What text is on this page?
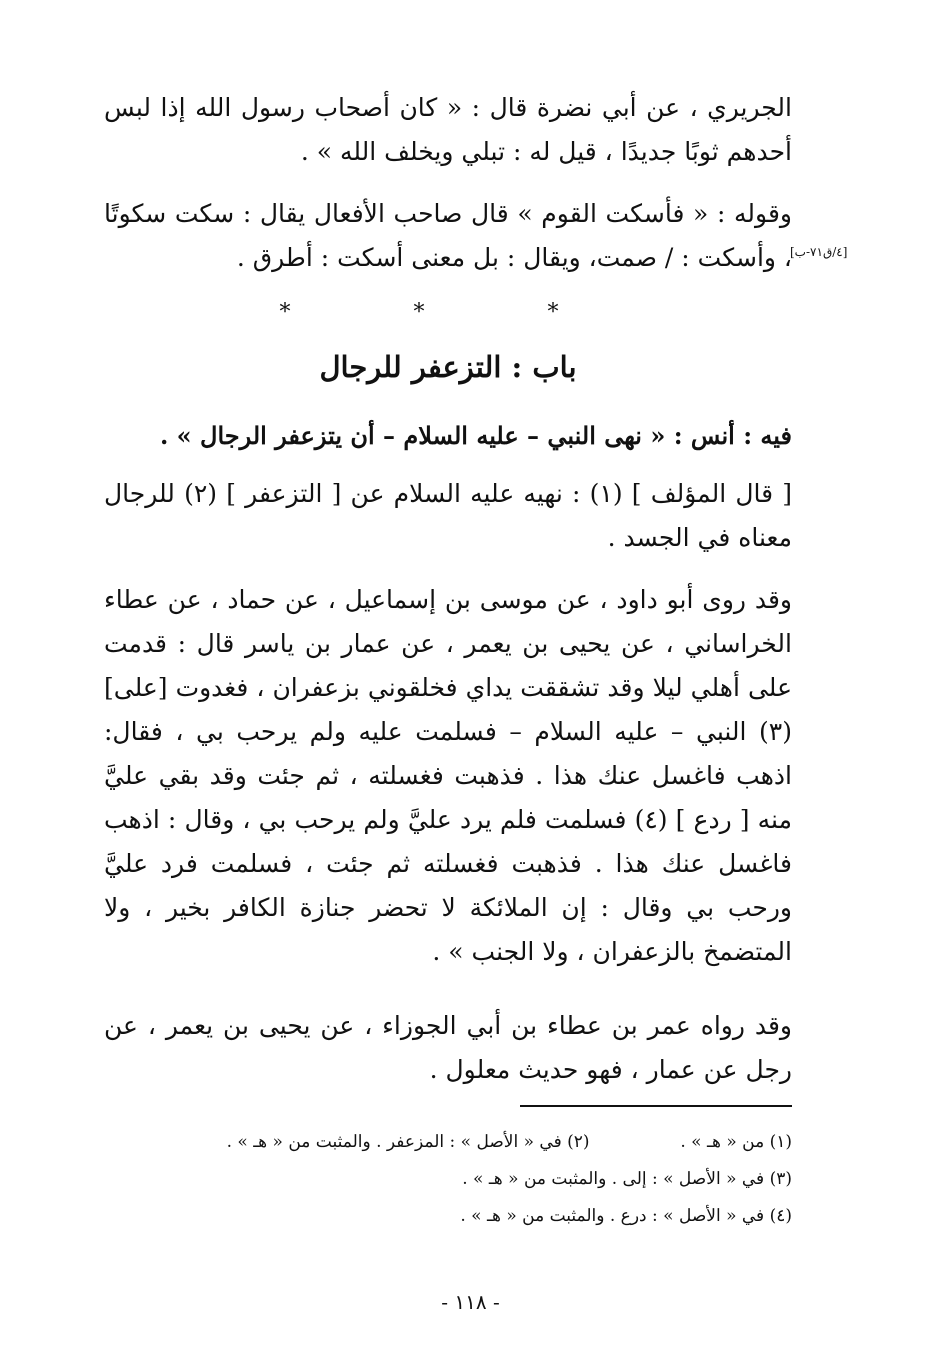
الجريري ، عن أبي نضرة قال : « كان أصحاب رسول الله إذا لبس أحدهم ثوبًا جديدًا ، قيل له : تبلي ويخلف الله » .

وقوله : « فأسكت القوم » قال صاحب الأفعال يقال : سكت سكوتًا ، وأسكت : / صمت، ويقال : بل معنى أسكت : أطرق .

[٤/ق٧١-ب]
* * *
باب : التزعفر للرجال

فيه : أنس : « نهى النبي – عليه السلام – أن يتزعفر الرجال » .

[ قال المؤلف ] (١) : نهيه عليه السلام عن [ التزعفر ] (٢) للرجال معناه في الجسد .

وقد روى أبو داود ، عن موسى بن إسماعيل ، عن حماد ، عن عطاء الخراساني ، عن يحيى بن يعمر ، عن عمار بن ياسر قال : قدمت على أهلي ليلا وقد تشققت يداي فخلقوني بزعفران ، فغدوت [على] (٣) النبي – عليه السلام – فسلمت عليه ولم يرحب بي ، فقال: اذهب فاغسل عنك هذا . فذهبت فغسلته ، ثم جئت وقد بقي عليَّ منه [ ردع ] (٤) فسلمت فلم يرد عليَّ ولم يرحب بي ، وقال : اذهب فاغسل عنك هذا . فذهبت فغسلته ثم جئت ، فسلمت فرد عليَّ ورحب بي وقال : إن الملائكة لا تحضر جنازة الكافر بخير ، ولا المتضمخ بالزعفران ، ولا الجنب » .

وقد رواه عمر بن عطاء بن أبي الجوزاء ، عن يحيى بن يعمر ، عن رجل عن عمار ، فهو حديث معلول .

(١) من « هـ » .  (٢) في « الأصل » : المزعفر . والمثبت من « هـ » .
(٣) في « الأصل » : إلى . والمثبت من « هـ » .
(٤) في « الأصل » : درع . والمثبت من « هـ » .
- ١١٨ -
